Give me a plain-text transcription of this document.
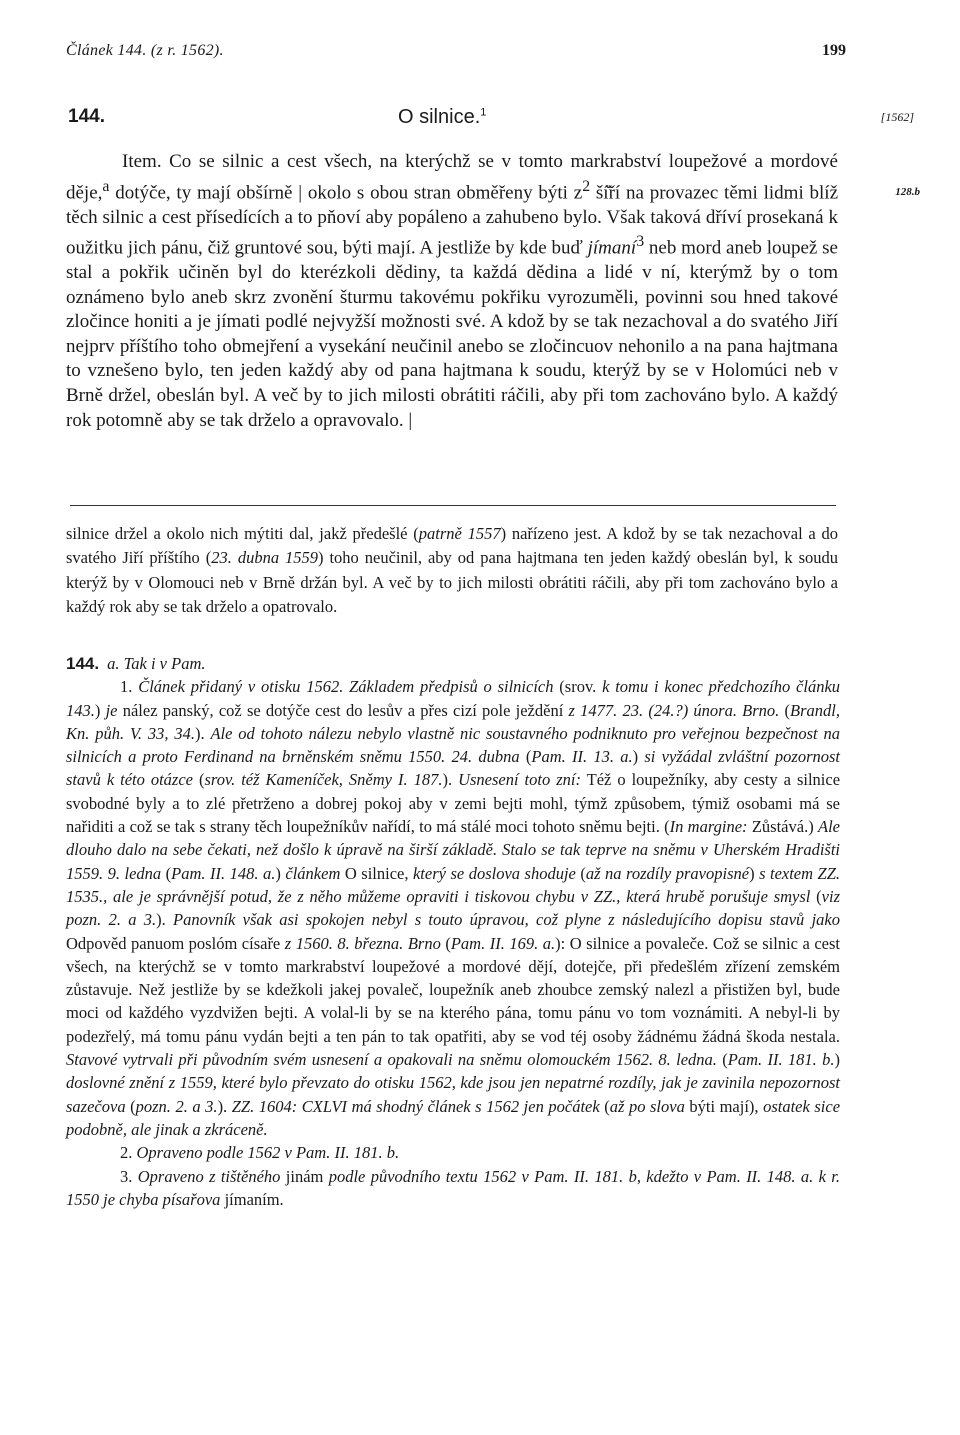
Článek 144. (z r. 1562).	199
144.	O silnice.$^1$	[1562]
128.b

Item. Co se silnic a cest všech, na kterýchž se v tomto markrabství loupežové a mordové děje,$^a$ dotýče, ty mají obšírně | okolo s obou stran obměřeny býti $z^2$ ší̌ří na provazec těmi lidmi blíž těch silnic a cest přísedících a to pňoví aby popáleno a zahubeno bylo. Však taková dříví prosekaná k oužitku jich pánu, čiž gruntové sou, býti mají. A jestliže by kde buď jímaní$^3$ neb mord aneb loupež se stal a pokřik učiněn byl do kterézkoli dědiny, ta každá dědina a lidé v ní, kterýmž by o tom oznámeno bylo aneb skrz zvonění šturmu takovému pokřiku vyrozuměli, povinni sou hned takové zločince honiti a je jímati podlé nejvyžší možnosti své. A kdož by se tak nezachoval a do svatého Jiří nejprv příštího toho obmejření a vysekání neučinil anebo se zločincuov nehonilo a na pana hajtmana to vznešeno bylo, ten jeden každý aby od pana hajtmana k soudu, kterýž by se v Holomúci neb v Brně držel, obeslán byl. A več by to jich milosti obrátiti ráčili, aby při tom zachováno bylo. A každý rok potomně aby se tak drželo a opravovalo. |

silnice držel a okolo nich mýtiti dal, jakž předešlé (patrně 1557) nařízeno jest. A kdož by se tak nezachoval a do svatého Jiří příštího (23. dubna 1559) toho neučinil, aby od pana hajtmana ten jeden každý obeslán byl, k soudu kterýž by v Olomouci neb v Brně držán byl. A več by to jich milosti obrátiti ráčili, aby při tom zachováno bylo a každý rok aby se tak drželo a opatrovalo.

144. a. Tak i v Pam.

1. Článek přidaný v otisku 1562. Základem předpisů o silnicích (srov. k tomu i konec předchozího článku 143.) je nález panský, což se dotýče cest do lesův a přes cizí pole ježdění z 1477. 23. (24.?) února. Brno. (Brandl, Kn. půh. V. 33, 34.). Ale od tohoto nálezu nebylo vlastně nic soustavného podniknuto pro veřejnou bezpečnost na silnicích a proto Ferdinand na brněnském sněmu 1550. 24. dubna (Pam. II. 13. a.) si vyžádal zvláštní pozornost stavů k této otázce (srov. též Kameníček, Sněmy I. 187.). Usnesení toto zní: Též o loupežníky, aby cesty a silnice svobodné byly a to zlé přetrženo a dobrej pokoj aby v zemi bejti mohl, týmž způsobem, týmiž osobami má se nařiditi a což se tak s strany těch loupežníkův nařídí, to má stálé moci tohoto sněmu bejti. (In margine: Zůstává.) Ale dlouho dalo na sebe čekati, než došlo k úpravě na širší základě. Stalo se tak teprve na sněmu v Uherském Hradišti 1559. 9. ledna (Pam. II. 148. a.) článkem O silnice, který se doslova shoduje (až na rozdíly pravopisné) s textem ZZ. 1535., ale je správnější potud, že z něho můžeme opraviti i tiskovou chybu v ZZ., která hrubě porušuje smysl (viz pozn. 2. a 3.). Panovník však asi spokojen nebyl s touto úpravou, což plyne z následujícího dopisu stavů jako Odpověd panuom poslóm císaře z 1560. 8. března. Brno (Pam. II. 169. a.): O silnice a povaleče. Což se silnic a cest všech, na kterýchž se v tomto markrabství loupežové a mordové dějí, dotejče, při předešlém zřízení zemském zůstavuje. Než jestliže by se kdežkoli jakej povaleč, loupežník aneb zhoubce zemský nalezl a přistižen byl, bude moci od každého vyzdvižen bejti. A volal-li by se na kterého pána, tomu pánu vo tom voznámiti. A nebyl-li by podezřelý, má tomu pánu vydán bejti a ten pán to tak opatřiti, aby se vod téj osoby žádnému žádná škoda nestala. Stavové vytrvali při původním svém usnesení a opakovali na sněmu olomouckém 1562. 8. ledna. (Pam. II. 181. b.) doslovné znění z 1559, které bylo převzato do otisku 1562, kde jsou jen nepatrné rozdíly, jak je zavinila nepozornost sazečova (pozn. 2. a 3.). ZZ. 1604: CXLVI má shodný článek s 1562 jen počátek (až po slova býti mají), ostatek sice podobně, ale jinak a zkráceně.

2. Opraveno podle 1562 v Pam. II. 181. b.

3. Opraveno z tištěného jinám podle původního textu 1562 v Pam. II. 181. b, kdežto v Pam. II. 148. a. k r. 1550 je chyba písařova jímaním.
